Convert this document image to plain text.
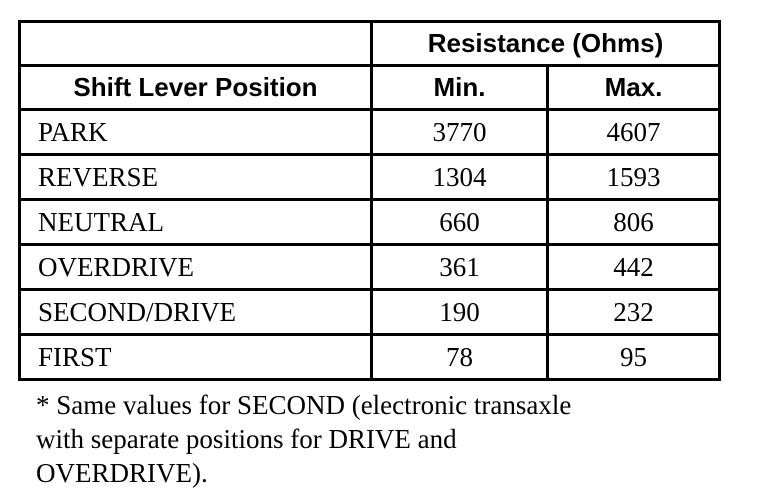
	Resistance (Ohms)	
Shift Lever Position	Min.	Max.
PARK	3770	4607
REVERSE	1304	1593
NEUTRAL	660	806
OVERDRIVE	361	442
SECOND/DRIVE	190	232
FIRST	78	95

* Same values for SECOND (electronic transaxle
with separate positions for DRIVE and
OVERDRIVE).
